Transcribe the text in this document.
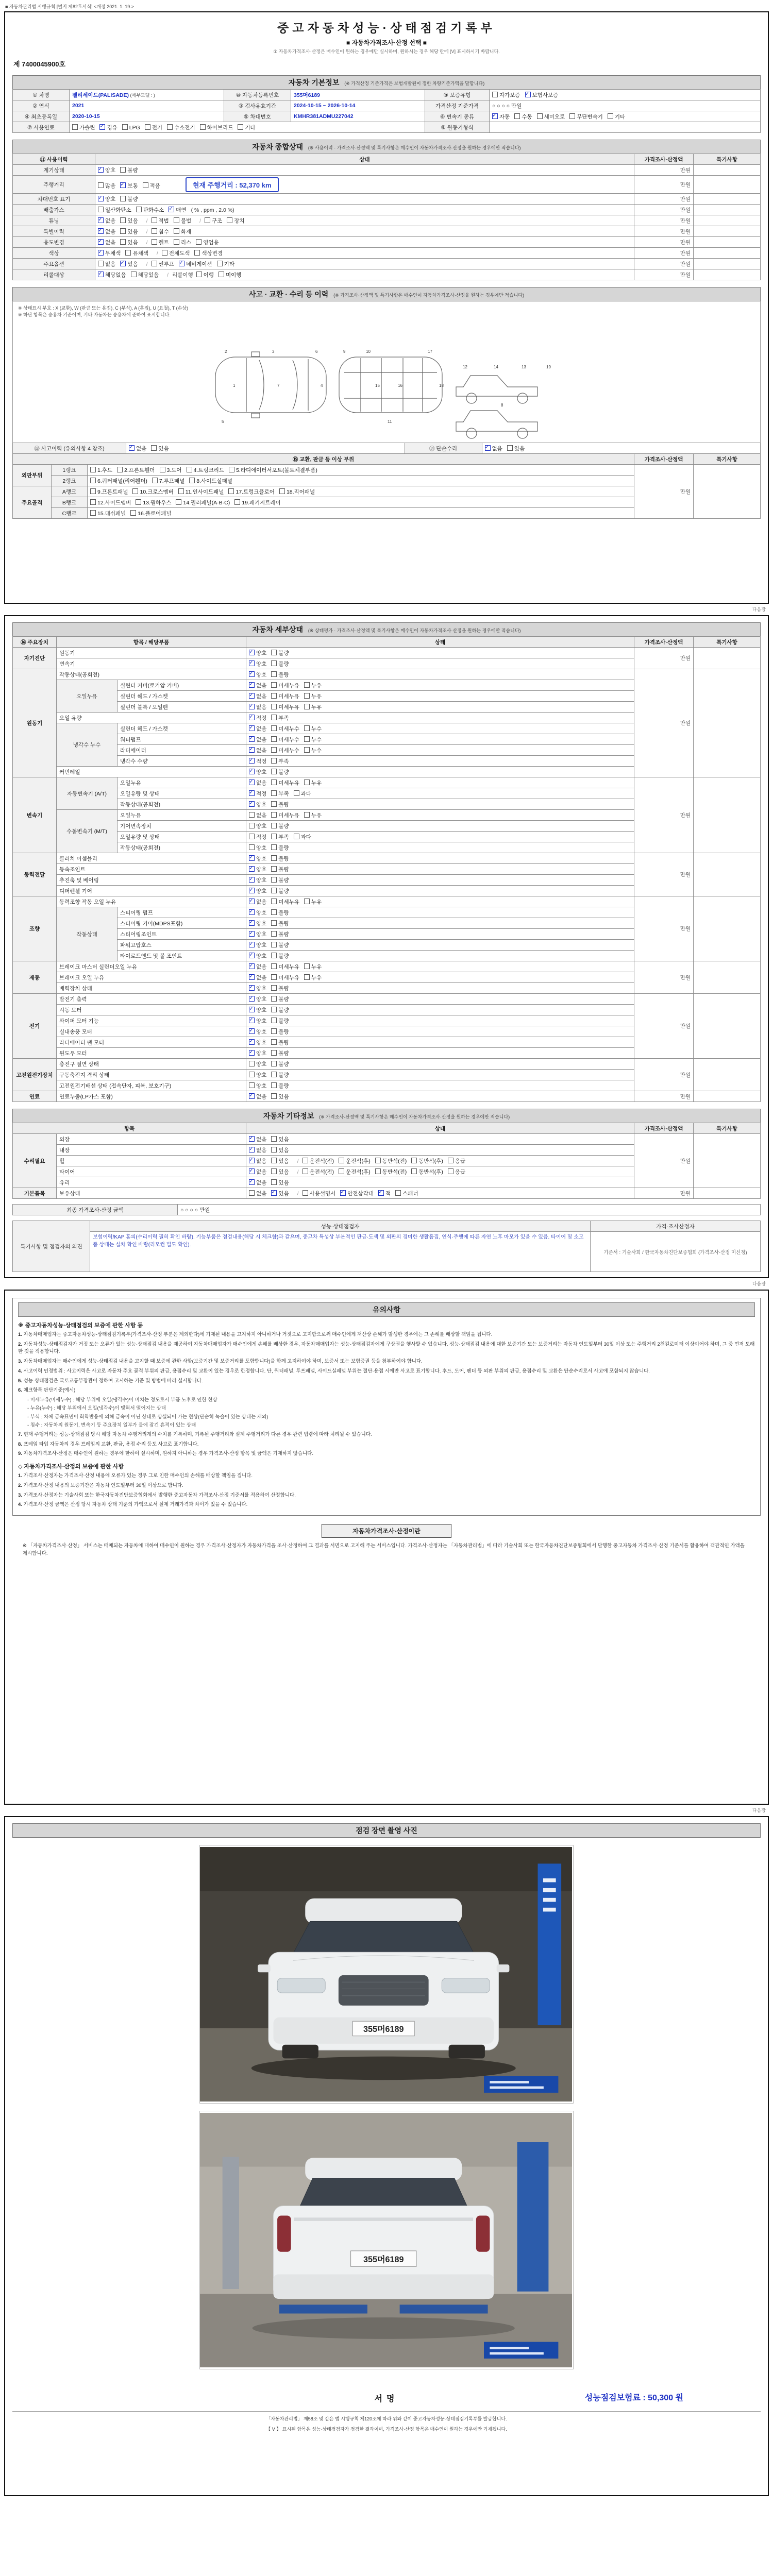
■ 자동차관리법 시행규칙 [별지 제82호서식] <개정 2021. 1. 19.>
중고자동차성능·상태점검기록부
■ 자동차가격조사·산정 선택 ■
① 자동차가격조사·산정은 매수인이 원하는 경우에만 실시하며, 원하시는 경우 해당 란에 [V] 표시하시기 바랍니다.
제 7400045900호
자동차 기본정보 (※ 가격산정 기준가격은 보험개발원이 정한 차량기준가액을 말합니다)
① 차명	펠리세이드(PALISADE) (세부모델 : )	⑩ 자동차등록번호	355머6189	⑨ 보증유형	자가보증 ✓ 보험사보증
② 연식	2021	③ 검사유효기간	2024-10-15 ~ 2026-10-14	가격산정 기준가격	○ ○ ○ ○ 만원
④ 최초등록일	2020-10-15	⑤ 차대번호	KMHR381ADMU227042	⑥ 변속기 종류	✓자동 수동 세미오토 무단변속기 기타
⑦ 사용연료	가솔린 ✓ 경유 LPG 전기 수소전기 하이브리드 기타			⑧ 원동기형식	
자동차 종합상태 (※ 사용이력 · 가격조사·산정액 및 특기사항은 매수인이 자동차가격조사·산정을 원하는 경우에만 적습니다)
⑪ 사용이력	상태	가격조사·산정액	특기사항
계기상태	✓양호 불량	만원	
주행거리	많음 ✓ 보통 적음 현재 주행거리 : 52,370 km	만원	
차대번호 표기	✓양호 불량	만원	
배출가스	일산화탄소 탄화수소 ✓ 매연 ( % , ppm , 2.0 %)	만원	
튜닝	✓없음 있음 / 적법 불법 / 구조 장치	만원	
특별이력	✓없음 있음 / 침수 화재	만원	
용도변경	✓없음 있음 / 렌트 리스 영업용	만원	
색상	✓무채색 유채색 / 전체도색 색상변경	만원	
주요옵션	없음 ✓ 있음 / 썬루프 ✓ 네비게이션 기타	만원	
리콜대상	✓해당없음 해당있음 / 리콜이행 이행 미이행	만원	
사고 · 교환 · 수리 등 이력 (※ 가격조사·산정액 및 특기사항은 매수인이 자동차가격조사·산정을 원하는 경우에만 적습니다)
※ 상태표시 부호 : X (교환), W (판금 또는 용접), C (부식), A (흠집), U (요철), T (손상)
※ 하단 항목은 승용차 기준이며, 기타 자동차는 승용차에 준하여 표시합니다.
1
2	3
4
6
7
5
9	10
15	16
17
18
11
12	13
14
8
19
⑬ 사고이력 (유의사항 4 참조)	✓없음 있음	⑭ 단순수리	✓없음 있음
⑮ 교환, 판금 등 이상 부위			가격조사·산정액	특기사항
외판부위	1랭크	1.후드 2.프론트휀더 3.도어 4.트렁크리드 5.라디에이터서포트(볼트체결부품)	만원	
	2랭크	6.쿼터패널(리어휀더) 7.루프패널 8.사이드실패널		
주요골격	A랭크	9.프론트패널 10.크로스멤버 11.인사이드패널 17.트렁크플로어 18.리어패널		
	B랭크	12.사이드멤버 13.휠하우스 14.필러패널(A·B·C) 19.패키지트레이		
	C랭크	15.대쉬패널 16.플로어패널		
다음장
자동차 세부상태 (※ 상태평가 · 가격조사·산정액 및 특기사항은 매수인이 자동차가격조사·산정을 원하는 경우에만 적습니다)
⑯ 주요장치	항목 / 해당부품		상태	가격조사·산정액	특기사항
자기진단	원동기	✓양호 불량	만원	
	변속기	✓양호 불량
원동기	작동상태(공회전)	✓양호 불량	만원	
	오일누유	실린더 커버(로커암 커버)	✓없음 미세누유 누유
		실린더 헤드 / 가스켓	✓없음 미세누유 누유
		실린더 블록 / 오일팬	✓없음 미세누유 누유
	오일 유량	✓적정 부족
	냉각수 누수	실린더 헤드 / 가스켓	✓없음 미세누수 누수
		워터펌프	✓없음 미세누수 누수
		라디에이터	✓없음 미세누수 누수
		냉각수 수량	✓적정 부족
	커먼레일	✓양호 불량
변속기	자동변속기 (A/T)	오일누유	✓없음 미세누유 누유	만원	
		오일유량 및 상태	✓적정 부족 과다
		작동상태(공회전)	✓양호 불량
	수동변속기 (M/T)	오일누유	없음 미세누유 누유		
		기어변속장치	양호 불량		
		오일유량 및 상태	적정 부족 과다		
		작동상태(공회전)	양호 불량		
동력전달	클러치 어셈블리	✓양호 불량	만원	
	등속조인트	✓양호 불량
	추진축 및 베어링	✓양호 불량
	디퍼렌셜 기어	✓양호 불량
조향	동력조향 작동 오일 누유	✓없음 미세누유 누유	만원	
	작동상태	스티어링 펌프	✓양호 불량
		스티어링 기어(MDPS포함)	✓양호 불량
		스티어링조인트	✓양호 불량
		파워고압호스	✓양호 불량
		타이로드엔드 및 볼 조인트	✓양호 불량
제동	브레이크 마스터 실린더오일 누유	✓없음 미세누유 누유	만원	
	브레이크 오일 누유	✓없음 미세누유 누유
	배력장치 상태	✓양호 불량
전기	발전기 출력	✓양호 불량	만원	
	시동 모터	✓양호 불량
	와이퍼 모터 기능	✓양호 불량
	실내송풍 모터	✓양호 불량
	라디에이터 팬 모터	✓양호 불량
	윈도우 모터	✓양호 불량
고전원전기장치	충전구 절연 상태		양호 불량	만원	
	구동축전지 격리 상태		양호 불량		
	고전원전기배선 상태 (접속단자, 피복, 보호기구)		양호 불량		
연료	연료누출(LP가스 포함)	✓없음 있음	만원	
자동차 기타정보 (※ 가격조사·산정액 및 특기사항은 매수인이 자동차가격조사·산정을 원하는 경우에만 적습니다)
항목		상태	가격조사·산정액	특기사항
수리필요	외장	✓없음 있음	만원	
	내장	✓없음 있음
	휠	✓없음 있음 / 운전석(전) 운전석(후) 동반석(전) 동반석(후) 응급
	타이어	✓없음 있음 / 운전석(전) 운전석(후) 동반석(전) 동반석(후) 응급
	유리	✓없음 있음
기본품목	보유상태	없음 ✓ 있음 / 사용설명서 ✓ 안전삼각대 ✓ 잭 스패너	만원	
최종 가격조사·산정 금액	○ ○ ○ ○ 만원
특기사항 및 점검자의 의견	성능·상태점검자	가격·조사산정자
	보험이력/KAP 홈피(수리이력 필히 확인 바람). 기능부품은 점검내용(해당 시 체크함)과 같으며, 중고차 특성상 부분적인 판금·도색 및 외판의 경미한 생활흠집, 연식·주행에 따른 자연 노후 마모가 있을 수 있음. 타이어 및 소모품 상태는 실차 확인 바람(리모컨 별도 확인).	기준서 : 기술사회 / 한국자동차진단보증협회 (가격조사·산정 미신청)
다음장
유의사항
※ 중고자동차성능·상태점검의 보증에 관한 사항 등
1. 자동차매매업자는 중고자동차성능·상태점검기록부(가격조사·산정 부분은 제외한다)에 기재된 내용을 고지하지 아니하거나 거짓으로 고지함으로써 매수인에게 재산상 손해가 발생한 경우에는 그 손해를 배상할 책임을 집니다.
2. 자동차성능·상태점검자가 거짓 또는 오류가 있는 성능·상태점검 내용을 제공하여 자동차매매업자가 매수인에게 손해를 배상한 경우, 자동차매매업자는 성능·상태점검자에게 구상권을 행사할 수 있습니다. 성능·상태점검 내용에 대한 보증기간 또는 보증거리는 자동차 인도일부터 30일 이상 또는 주행거리 2천킬로미터 이상이어야 하며, 그 중 먼저 도래한 것을 적용합니다.
3. 자동차매매업자는 매수인에게 성능·상태점검 내용을 고지할 때 보증에 관한 사항(보증기간 및 보증거리를 포함합니다)을 함께 고지하여야 하며, 보증서 또는 보험증권 등을 첨부하여야 합니다.
4. 사고이력 인정범위 : 사고이력은 사고로 자동차 주요 골격 부위의 판금, 용접수리 및 교환이 있는 경우로 한정합니다. 단, 쿼터패널, 루프패널, 사이드실패널 부위는 절단·용접 시에만 사고로 표기합니다. 후드, 도어, 펜더 등 외판 부위의 판금, 용접수리 및 교환은 단순수리로서 사고에 포함되지 않습니다.
5. 성능·상태점검은 국토교통부장관이 정하여 고시하는 기준 및 방법에 따라 실시합니다.
6. 체크항목 판단기준(예시)
- 미세누유(미세누수) : 해당 부위에 오일(냉각수)이 비치는 정도로서 부품 노후로 인한 현상
- 누유(누수) : 해당 부위에서 오일(냉각수)이 맺혀서 떨어지는 상태
- 부식 : 차체 금속표면이 화학반응에 의해 금속이 아닌 상태로 상실되어 가는 현상(단순히 녹슬어 있는 상태는 제외)
- 침수 : 자동차의 원동기, 변속기 등 주요장치 일부가 물에 잠긴 흔적이 있는 상태
7. 현재 주행거리는 성능·상태점검 당시 해당 자동차 주행거리계의 수치를 기록하며, 기록된 주행거리와 실제 주행거리가 다른 경우 관련 법령에 따라 처리될 수 있습니다.
8. 프레임 타입 자동차의 경우 프레임의 교환, 판금, 용접 수리 등도 사고로 표기합니다.
9. 자동차가격조사·산정은 매수인이 원하는 경우에 한하여 실시하며, 원하지 아니하는 경우 가격조사·산정 항목 및 금액은 기재하지 않습니다.
◇ 자동차가격조사·산정의 보증에 관한 사항
1. 가격조사·산정자는 가격조사·산정 내용에 오류가 있는 경우 그로 인한 매수인의 손해를 배상할 책임을 집니다.
2. 가격조사·산정 내용의 보증기간은 자동차 인도일부터 30일 이상으로 합니다.
3. 가격조사·산정자는 기술사회 또는 한국자동차진단보증협회에서 발행한 중고자동차 가격조사·산정 기준서를 적용하여 산정합니다.
4. 가격조사·산정 금액은 산정 당시 자동차 상태 기준의 가액으로서 실제 거래가격과 차이가 있을 수 있습니다.
자동차가격조사·산정이란
※ 「자동차가격조사·산정」 서비스는 매매되는 자동차에 대하여 매수인이 원하는 경우 가격조사·산정자가 자동차가격을 조사·산정하여 그 결과를 서면으로 고지해 주는 서비스입니다. 가격조사·산정자는 「자동차관리법」에 따라 기술사회 또는 한국자동차진단보증협회에서 발행한 중고자동차 가격조사·산정 기준서를 활용하여 객관적인 가액을 제시합니다.
다음장
점검 장면 촬영 사진
355머6189
355머6189
서명	성능점검보험료 : 50,300 원
「자동차관리법」 제58조 및 같은 법 시행규칙 제120조에 따라 위와 같이 중고자동차성능·상태점검기록부를 발급합니다.
【 V 】 표시된 항목은 성능·상태점검자가 점검한 결과이며, 가격조사·산정 항목은 매수인이 원하는 경우에만 기재됩니다.
